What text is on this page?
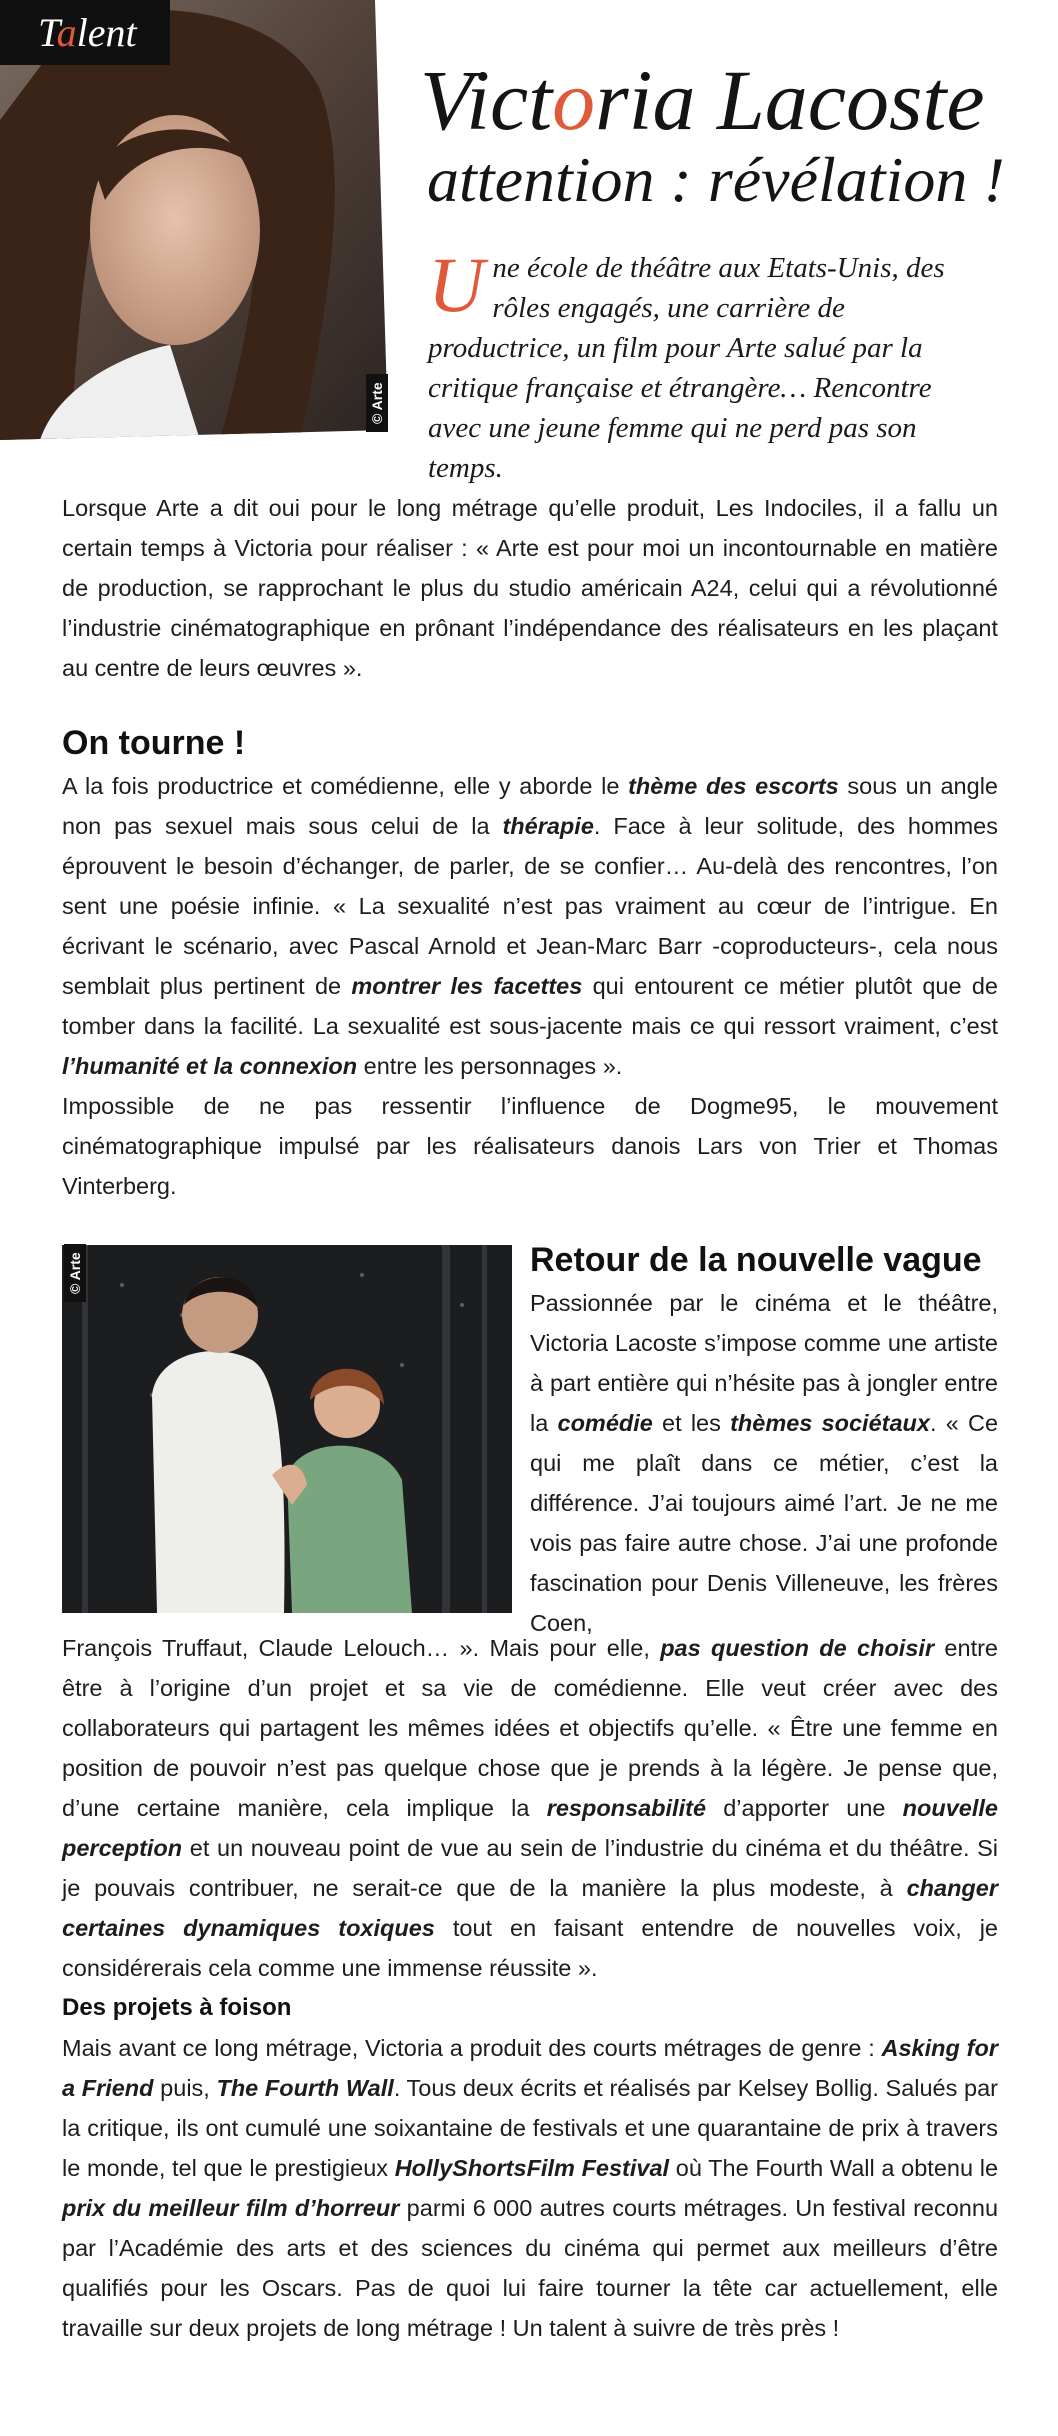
Talent
© Arte
Victoria Lacoste
attention : révélation !
Une école de théâtre aux Etats-Unis, des rôles engagés, une carrière de productrice, un film pour Arte salué par la critique française et étrangère… Rencontre avec une jeune femme qui ne perd pas son temps.

Lorsque Arte a dit oui pour le long métrage qu’elle produit, Les Indociles, il a fallu un certain temps à Victoria pour réaliser : « Arte est pour moi un incontournable en matière de production, se rapprochant le plus du studio américain A24, celui qui a révolutionné l’industrie cinématographique en prônant l’indépendance des réalisateurs en les plaçant au centre de leurs œuvres ».

On tourne !

A la fois productrice et comédienne, elle y aborde le thème des escorts sous un angle non pas sexuel mais sous celui de la thérapie. Face à leur solitude, des hommes éprouvent le besoin d’échanger, de parler, de se confier… Au-delà des rencontres, l’on sent une poésie infinie. « La sexualité n’est pas vraiment au cœur de l’intrigue. En écrivant le scénario, avec Pascal Arnold et Jean-Marc Barr -coproducteurs-, cela nous semblait plus pertinent de montrer les facettes qui entourent ce métier plutôt que de tomber dans la facilité. La sexualité est sous-jacente mais ce qui ressort vraiment, c’est l’humanité et la connexion entre les personnages ».

Impossible de ne pas ressentir l’influence de Dogme95, le mouvement cinématographique impulsé par les réalisateurs danois Lars von Trier et Thomas Vinterberg.

© Arte	Retour de la nouvelle vague

Passionnée par le cinéma et le théâtre, Victoria Lacoste s’impose comme une artiste à part entière qui n’hésite pas à jongler entre la comédie et les thèmes sociétaux. « Ce qui me plaît dans ce métier, c’est la différence. J’ai toujours aimé l’art. Je ne me vois pas faire autre chose. J’ai une profonde fascination pour Denis Villeneuve, les frères Coen,

François Truffaut, Claude Lelouch… ». Mais pour elle, pas question de choisir entre être à l’origine d’un projet et sa vie de comédienne. Elle veut créer avec des collaborateurs qui partagent les mêmes idées et objectifs qu’elle. « Être une femme en position de pouvoir n’est pas quelque chose que je prends à la légère. Je pense que, d’une certaine manière, cela implique la responsabilité d’apporter une nouvelle perception et un nouveau point de vue au sein de l’industrie du cinéma et du théâtre. Si je pouvais contribuer, ne serait-ce que de la manière la plus modeste, à changer certaines dynamiques toxiques tout en faisant entendre de nouvelles voix, je considérerais cela comme une immense réussite ».

Des projets à foison

Mais avant ce long métrage, Victoria a produit des courts métrages de genre : Asking for a Friend puis, The Fourth Wall. Tous deux écrits et réalisés par Kelsey Bollig. Salués par la critique, ils ont cumulé une soixantaine de festivals et une quarantaine de prix à travers le monde, tel que le prestigieux HollyShortsFilm Festival où The Fourth Wall a obtenu le prix du meilleur film d’horreur parmi 6 000 autres courts métrages. Un festival reconnu par l’Académie des arts et des sciences du cinéma qui permet aux meilleurs d’être qualifiés pour les Oscars. Pas de quoi lui faire tourner la tête car actuellement, elle travaille sur deux projets de long métrage ! Un talent à suivre de très près !
